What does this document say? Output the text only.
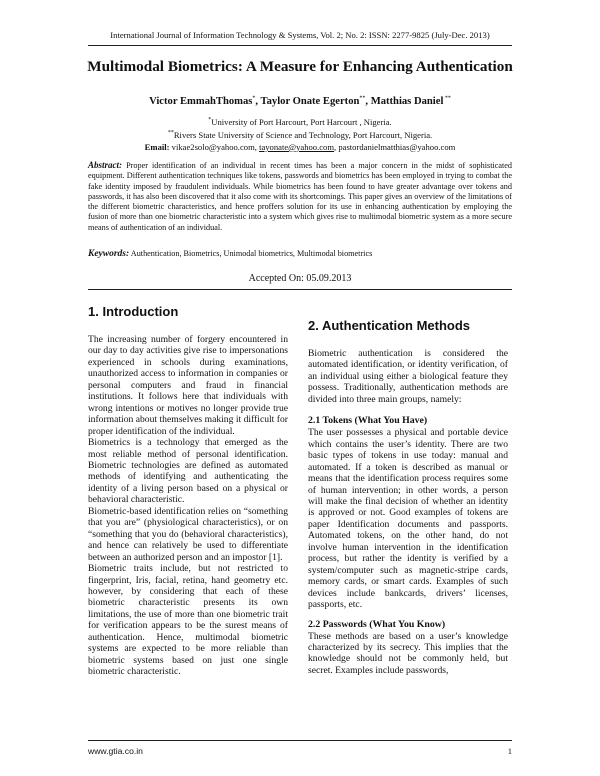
International Journal of Information Technology & Systems, Vol. 2; No. 2: ISSN: 2277-9825 (July-Dec. 2013)
Multimodal Biometrics: A Measure for Enhancing Authentication
Victor EmmahThomas*, Taylor Onate Egerton**, Matthias Daniel **
*University of Port Harcourt, Port Harcourt , Nigeria.
**Rivers State University of Science and Technology, Port Harcourt, Nigeria.
Email: vikae2solo@yahoo.com, tayonate@yahoo.com, pastordanielmatthias@yahoo.com
Abstract: Proper identification of an individual in recent times has been a major concern in the midst of sophisticated equipment. Different authentication techniques like tokens, passwords and biometrics has been employed in trying to combat the fake identity imposed by fraudulent individuals. While biometrics has been found to have greater advantage over tokens and passwords, it has also been discovered that it also come with its shortcomings. This paper gives an overview of the limitations of the different biometric characteristics, and hence proffers solution for its use in enhancing authentication by employing the fusion of more than one biometric characteristic into a system which gives rise to multimodal biometric system as a more secure means of authentication of an individual.
Keywords: Authentication, Biometrics, Unimodal biometrics, Multimodal biometrics
Accepted On: 05.09.2013
1. Introduction

The increasing number of forgery encountered in our day to day activities give rise to impersonations experienced in schools during examinations, unauthorized access to information in companies or personal computers and fraud in financial institutions. It follows here that individuals with wrong intentions or motives no longer provide true information about themselves making it difficult for proper identification of the individual.

Biometrics is a technology that emerged as the most reliable method of personal identification. Biometric technologies are defined as automated methods of identifying and authenticating the identity of a living person based on a physical or behavioral characteristic.

Biometric-based identification relies on “something that you are” (physiological characteristics), or on “something that you do (behavioral characteristics), and hence can relatively be used to differentiate between an authorized person and an impostor [1].

Biometric traits include, but not restricted to fingerprint, Iris, facial, retina, hand geometry etc. however, by considering that each of these biometric characteristic presents its own limitations, the use of more than one biometric trait for verification appears to be the surest means of authentication. Hence, multimodal biometric systems are expected to be more reliable than biometric systems based on just one single biometric characteristic.

2. Authentication Methods

Biometric authentication is considered the automated identification, or identity verification, of an individual using either a biological feature they possess. Traditionally, authentication methods are divided into three main groups, namely:

2.1 Tokens (What You Have)

The user possesses a physical and portable device which contains the user’s identity. There are two basic types of tokens in use today: manual and automated. If a token is described as manual or means that the identification process requires some of human intervention; in other words, a person will make the final decision of whether an identity is approved or not. Good examples of tokens are paper Identification documents and passports. Automated tokens, on the other hand, do not involve human intervention in the identification process, but rather the identity is verified by a system/computer such as magnetic-stripe cards, memory cards, or smart cards. Examples of such devices include bankcards, drivers’ licenses, passports, etc.

2.2 Passwords (What You Know)

These methods are based on a user’s knowledge characterized by its secrecy. This implies that the knowledge should not be commonly held, but secret. Examples include passwords,

www.gtia.co.in	1
